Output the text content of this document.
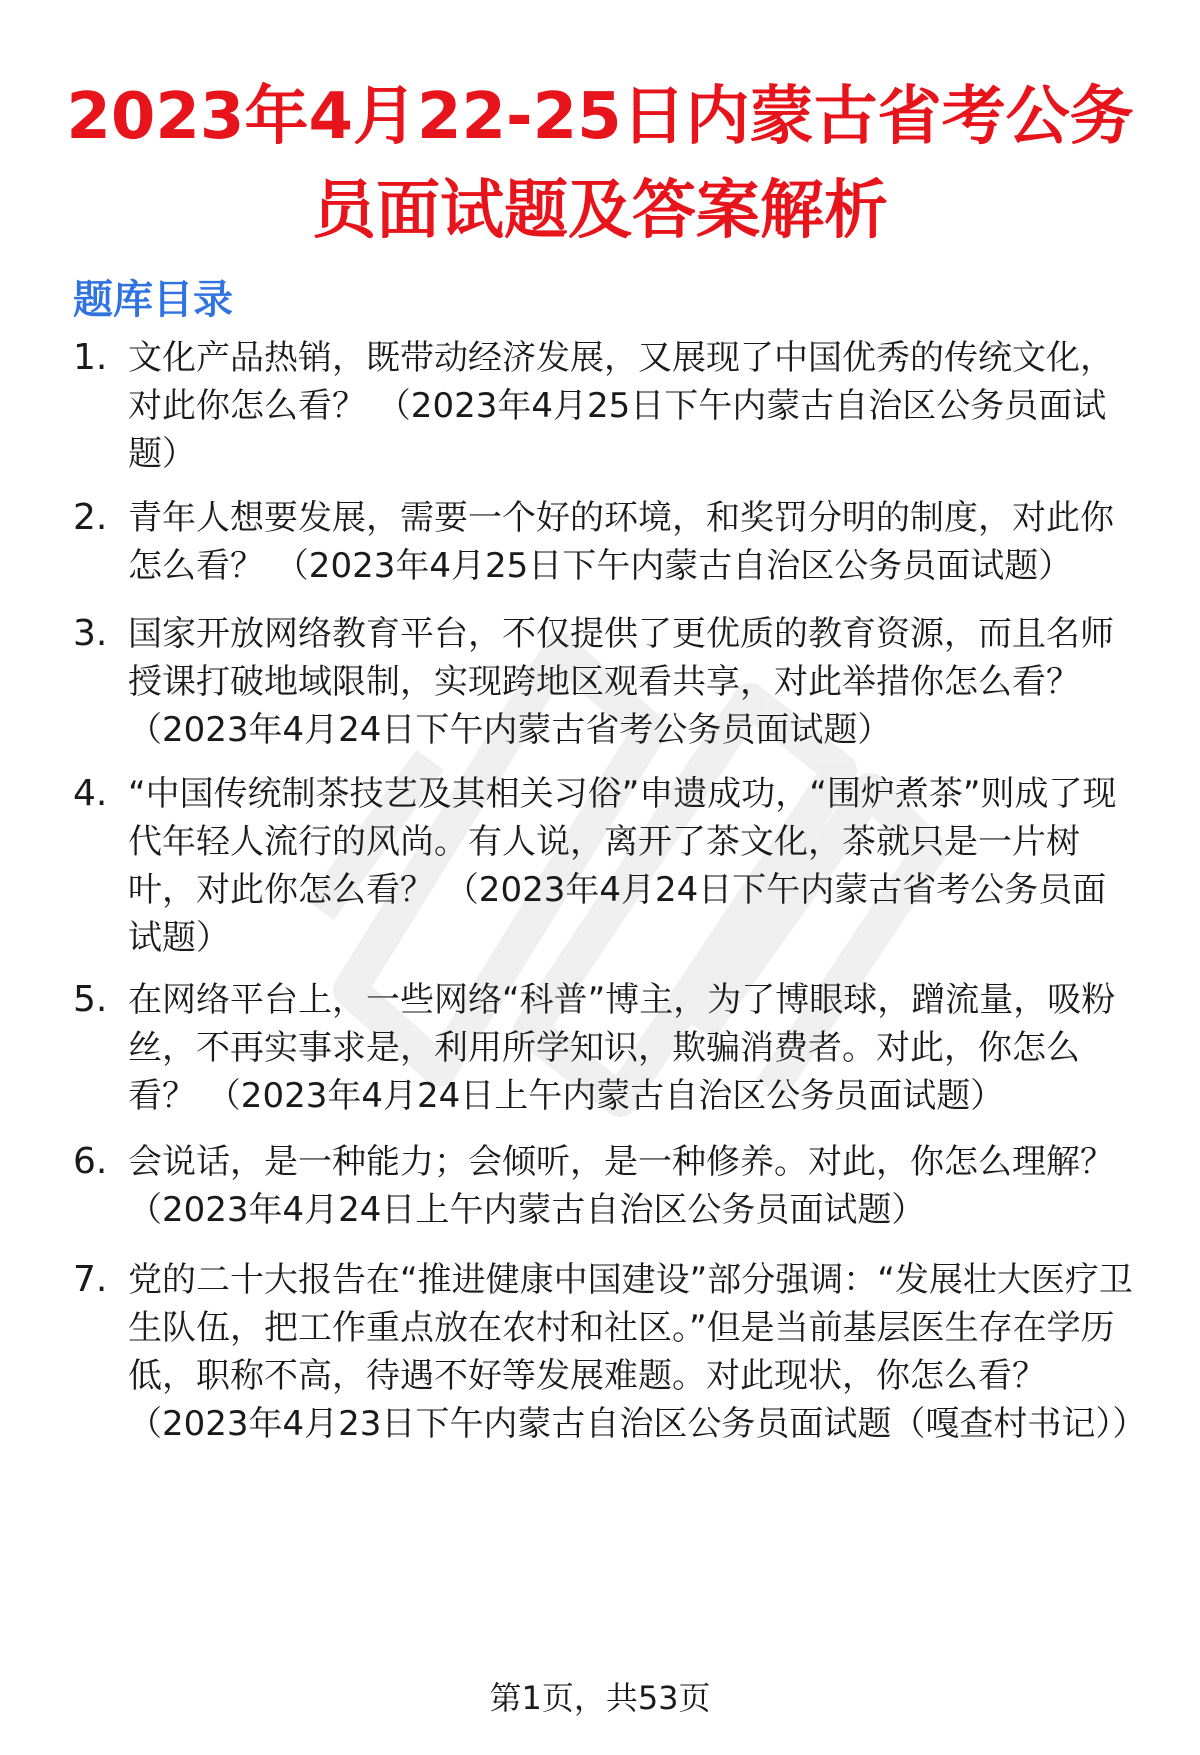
2023年4月22-25日内蒙古省考公务员面试题及答案解析
题库目录
1. 文化产品热销，既带动经济发展，又展现了中国优秀的传统文化，对此你怎么看？ （2023年4月25日下午内蒙古自治区公务员面试题）

2. 青年人想要发展，需要一个好的环境，和奖罚分明的制度，对此你怎么看？ （2023年4月25日下午内蒙古自治区公务员面试题）

3. 国家开放网络教育平台，不仅提供了更优质的教育资源，而且名师授课打破地域限制，实现跨地区观看共享，对此举措你怎么看？ （2023年4月24日下午内蒙古省考公务员面试题）

4. “中国传统制茶技艺及其相关习俗”申遗成功，“围炉煮茶”则成了现代年轻人流行的风尚。有人说，离开了茶文化，茶就只是一片树叶，对此你怎么看？ （2023年4月24日下午内蒙古省考公务员面试题）

5. 在网络平台上，一些网络“科普”博主，为了博眼球，蹭流量，吸粉丝，不再实事求是，利用所学知识，欺骗消费者。对此，你怎么看？ （2023年4月24日上午内蒙古自治区公务员面试题）

6. 会说话，是一种能力；会倾听，是一种修养。对此，你怎么理解？ （2023年4月24日上午内蒙古自治区公务员面试题）

7. 党的二十大报告在“推进健康中国建设”部分强调：“发展壮大医疗卫生队伍，把工作重点放在农村和社区。”但是当前基层医生存在学历低，职称不高，待遇不好等发展难题。对此现状，你怎么看？ （2023年4月23日下午内蒙古自治区公务员面试题（嘎查村书记））

第1页，共53页
